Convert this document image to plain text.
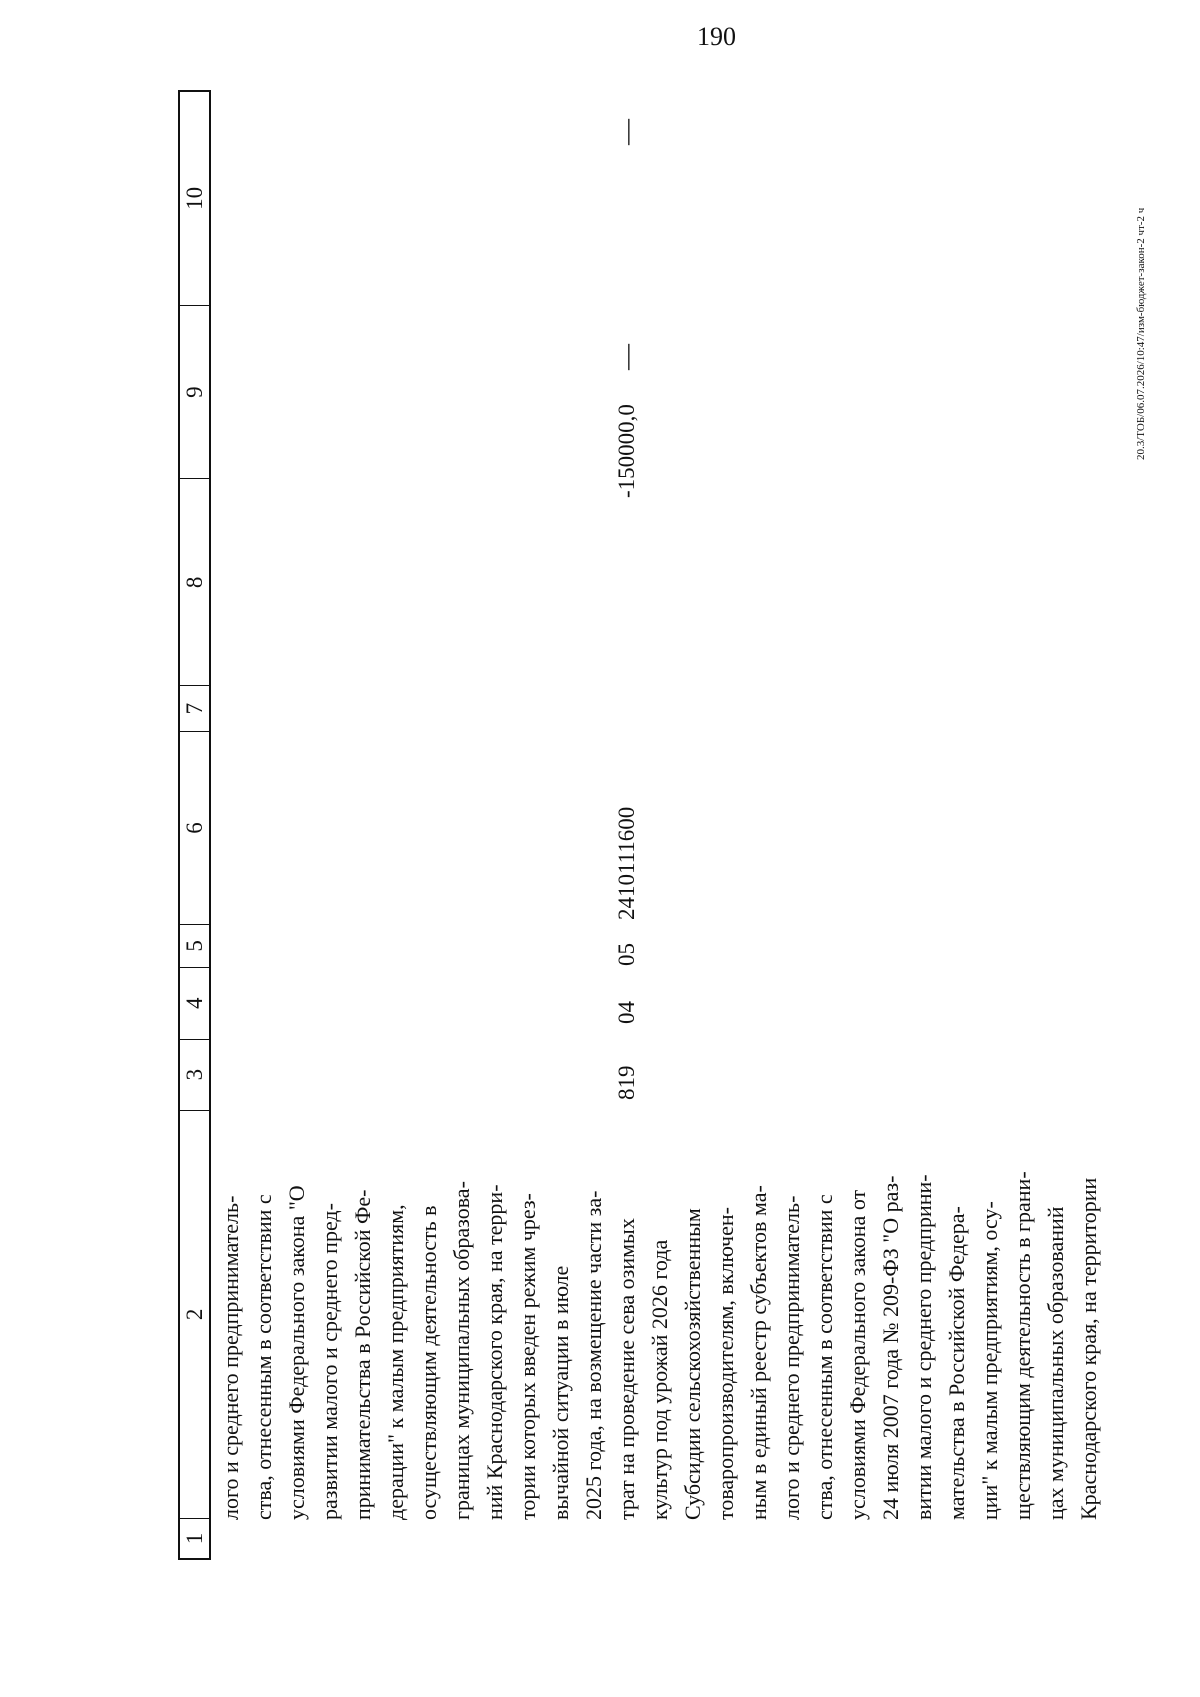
190
20.3/ТОБ/06.07.2026/10:47/изм-бюджет-закон-2 чт-2 ч
1
2
3
4
5
6
7
8
9
10
лого и среднего предприниматель- ства, отнесенным в соответствии с условиями Федерального закона "О развитии малого и среднего пред- принимательства в Российской Фе- дерации" к малым предприятиям, осуществляющим деятельность в границах муниципальных образова- ний Краснодарского края, на терри- тории которых введен режим чрез- вычайной ситуации в июле 2025 года, на возмещение части за- трат на проведение сева озимых культур под урожай 2026 года
819
04
05
2410111600
-150000,0
—
—
Субсидии сельскохозяйственным товаропроизводителям, включен- ным в единый реестр субъектов ма- лого и среднего предприниматель- ства, отнесенным в соответствии с условиями Федерального закона от 24 июля 2007 года № 209-ФЗ "О раз- витии малого и среднего предприни- мательства в Российской Федера- ции" к малым предприятиям, осу- ществляющим деятельность в грани- цах муниципальных образований Краснодарского края, на территории
